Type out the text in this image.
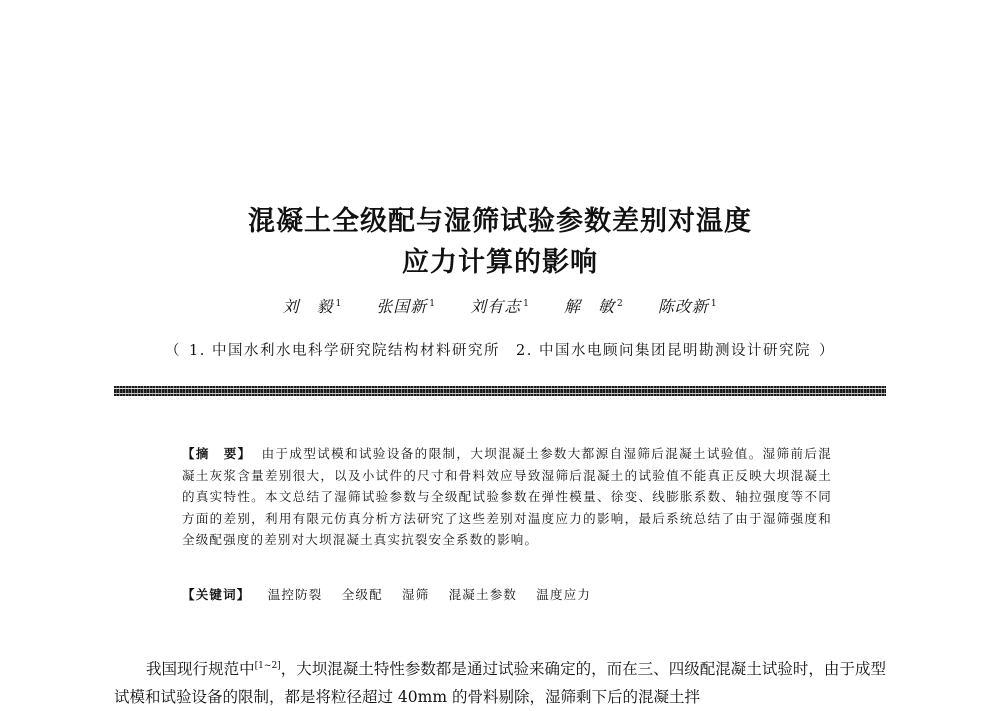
混凝土全级配与湿筛试验参数差别对温度
应力计算的影响
刘　毅 $^1$ 张国新 $^1$ 刘有志 $^1$ 解　敏 $^2$ 陈改新 $^1$
（ 1. 中国水利水电科学研究院结构材料研究所 2. 中国水电顾问集团昆明勘测设计研究院 ）
【摘　要】 由于成型试模和试验设备的限制，大坝混凝土参数大都源自湿筛后混凝土试验值。湿筛前后混凝土灰浆含量差别很大，以及小试件的尺寸和骨料效应导致湿筛后混凝土的试验值不能真正反映大坝混凝土的真实特性。本文总结了湿筛试验参数与全级配试验参数在弹性模量、徐变、线膨胀系数、轴拉强度等不同方面的差别，利用有限元仿真分析方法研究了这些差别对温度应力的影响，最后系统总结了由于湿筛强度和全级配强度的差别对大坝混凝土真实抗裂安全系数的影响。
【关键词】 温控防裂 全级配 湿筛 混凝土参数 温度应力
我国现行规范中[1~2]，大坝混凝土特性参数都是通过试验来确定的，而在三、四级配混凝土试验时，由于成型试模和试验设备的限制，都是将粒径超过 40mm 的骨料剔除，湿筛剩下后的混凝土拌
